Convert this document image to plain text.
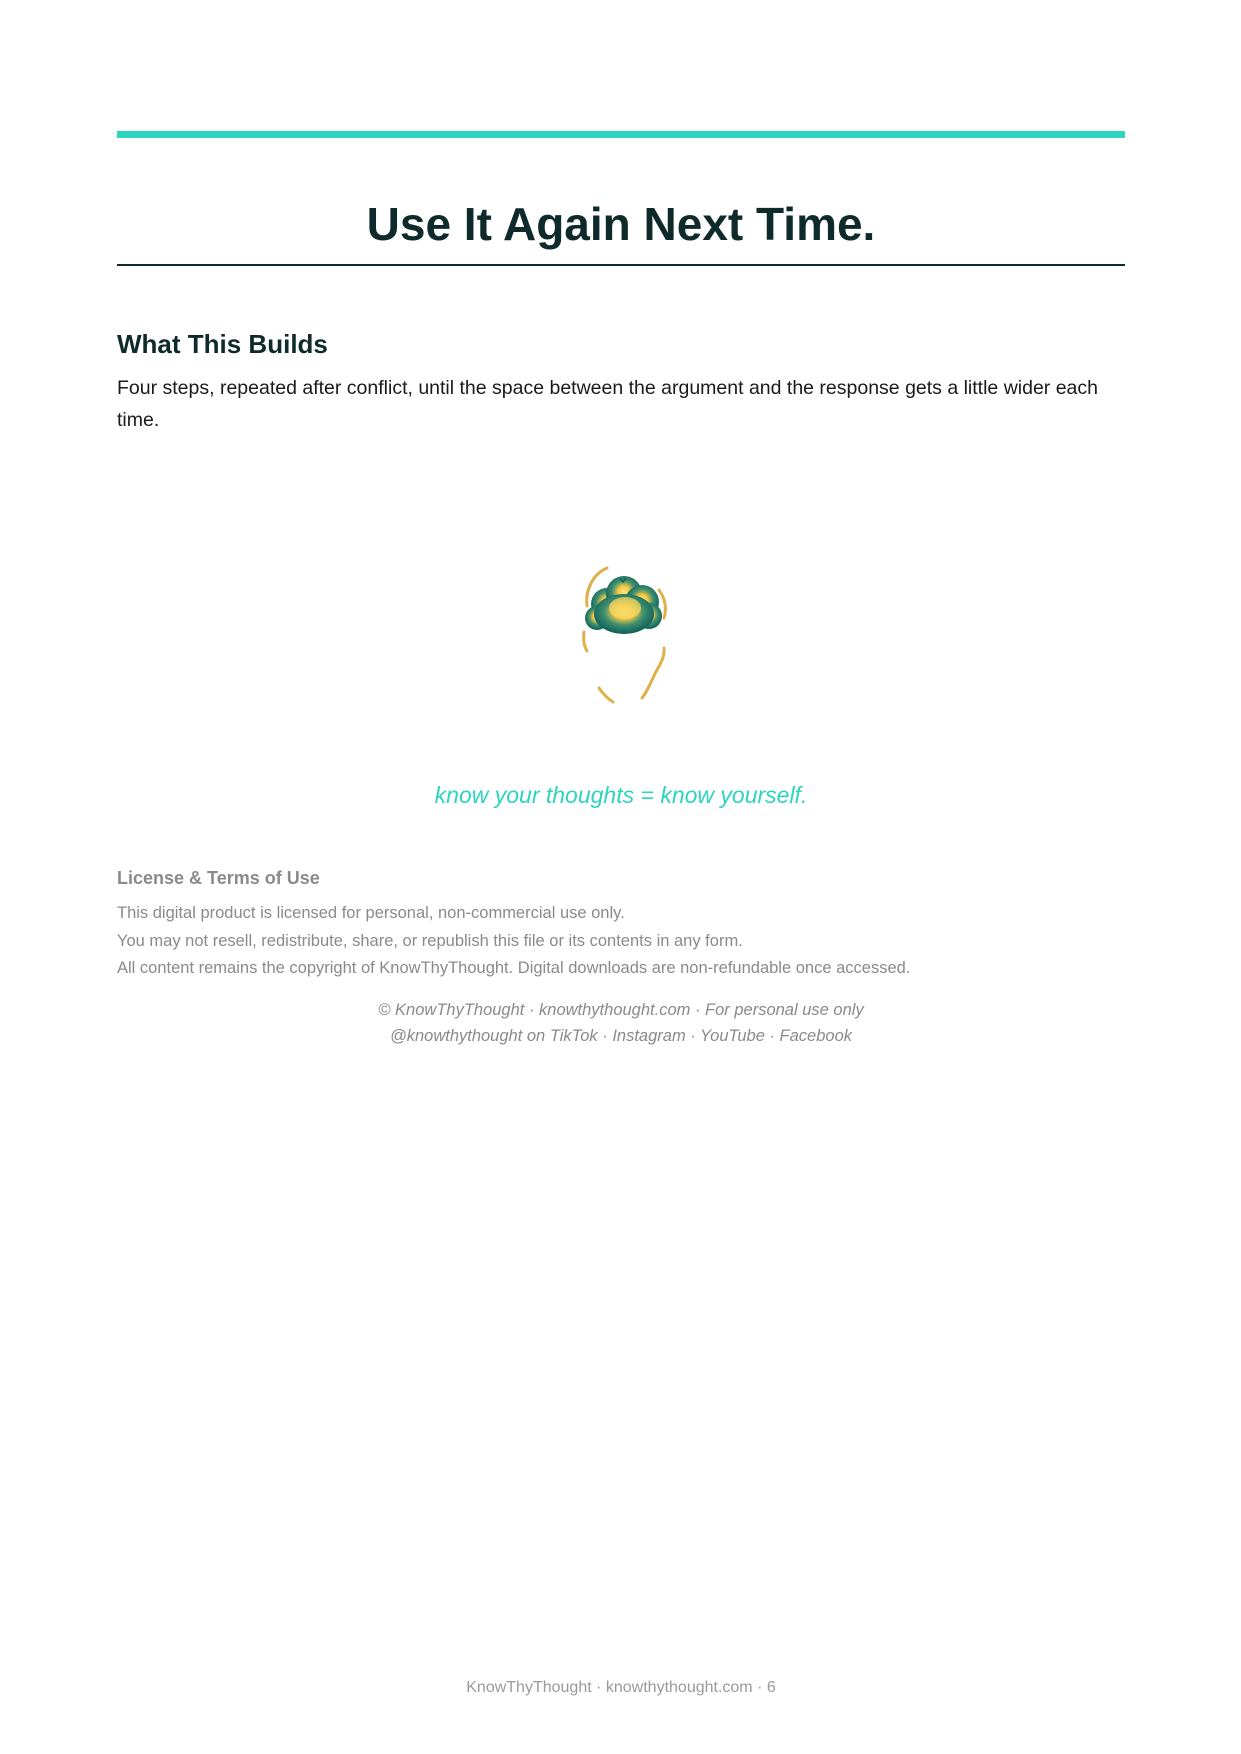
Use It Again Next Time.
What This Builds

Four steps, repeated after conflict, until the space between the argument and the response gets a little wider each time.

know your thoughts = know yourself.

License & Terms of Use
This digital product is licensed for personal, non-commercial use only.
You may not resell, redistribute, share, or republish this file or its contents in any form.
All content remains the copyright of KnowThyThought. Digital downloads are non-refundable once accessed.
© KnowThyThought · knowthythought.com · For personal use only
@knowthythought on TikTok · Instagram · YouTube · Facebook
KnowThyThought · knowthythought.com · 6
